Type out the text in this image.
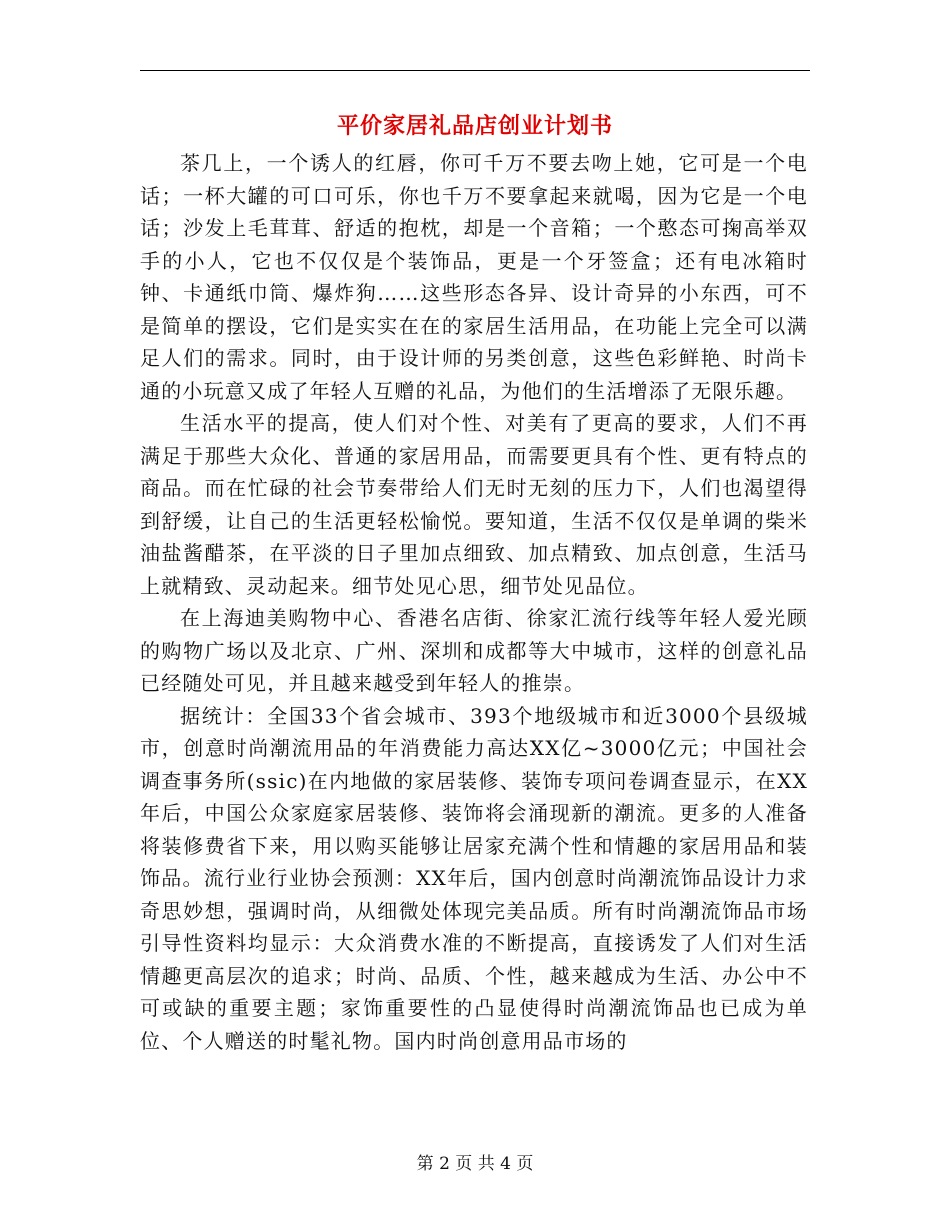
平价家居礼品店创业计划书

茶几上，一个诱人的红唇，你可千万不要去吻上她，它可是一个电话；一杯大罐的可口可乐，你也千万不要拿起来就喝，因为它是一个电话；沙发上毛茸茸、舒适的抱枕，却是一个音箱；一个憨态可掬高举双手的小人，它也不仅仅是个装饰品，更是一个牙签盒；还有电冰箱时钟、卡通纸巾筒、爆炸狗……这些形态各异、设计奇异的小东西，可不是简单的摆设，它们是实实在在的家居生活用品，在功能上完全可以满足人们的需求。同时，由于设计师的另类创意，这些色彩鲜艳、时尚卡通的小玩意又成了年轻人互赠的礼品，为他们的生活增添了无限乐趣。

生活水平的提高，使人们对个性、对美有了更高的要求，人们不再满足于那些大众化、普通的家居用品，而需要更具有个性、更有特点的商品。而在忙碌的社会节奏带给人们无时无刻的压力下，人们也渴望得到舒缓，让自己的生活更轻松愉悦。要知道，生活不仅仅是单调的柴米油盐酱醋茶，在平淡的日子里加点细致、加点精致、加点创意，生活马上就精致、灵动起来。细节处见心思，细节处见品位。

在上海迪美购物中心、香港名店街、徐家汇流行线等年轻人爱光顾的购物广场以及北京、广州、深圳和成都等大中城市，这样的创意礼品已经随处可见，并且越来越受到年轻人的推崇。

据统计：全国33个省会城市、393个地级城市和近3000个县级城市，创意时尚潮流用品的年消费能力高达XX亿~3000亿元；中国社会调查事务所(ssic)在内地做的家居装修、装饰专项问卷调查显示，在XX年后，中国公众家庭家居装修、装饰将会涌现新的潮流。更多的人准备将装修费省下来，用以购买能够让居家充满个性和情趣的家居用品和装饰品。流行业行业协会预测：XX年后，国内创意时尚潮流饰品设计力求奇思妙想，强调时尚，从细微处体现完美品质。所有时尚潮流饰品市场引导性资料均显示：大众消费水准的不断提高，直接诱发了人们对生活情趣更高层次的追求；时尚、品质、个性，越来越成为生活、办公中不可或缺的重要主题；家饰重要性的凸显使得时尚潮流饰品也已成为单位、个人赠送的时髦礼物。国内时尚创意用品市场的

第 2 页 共 4 页
